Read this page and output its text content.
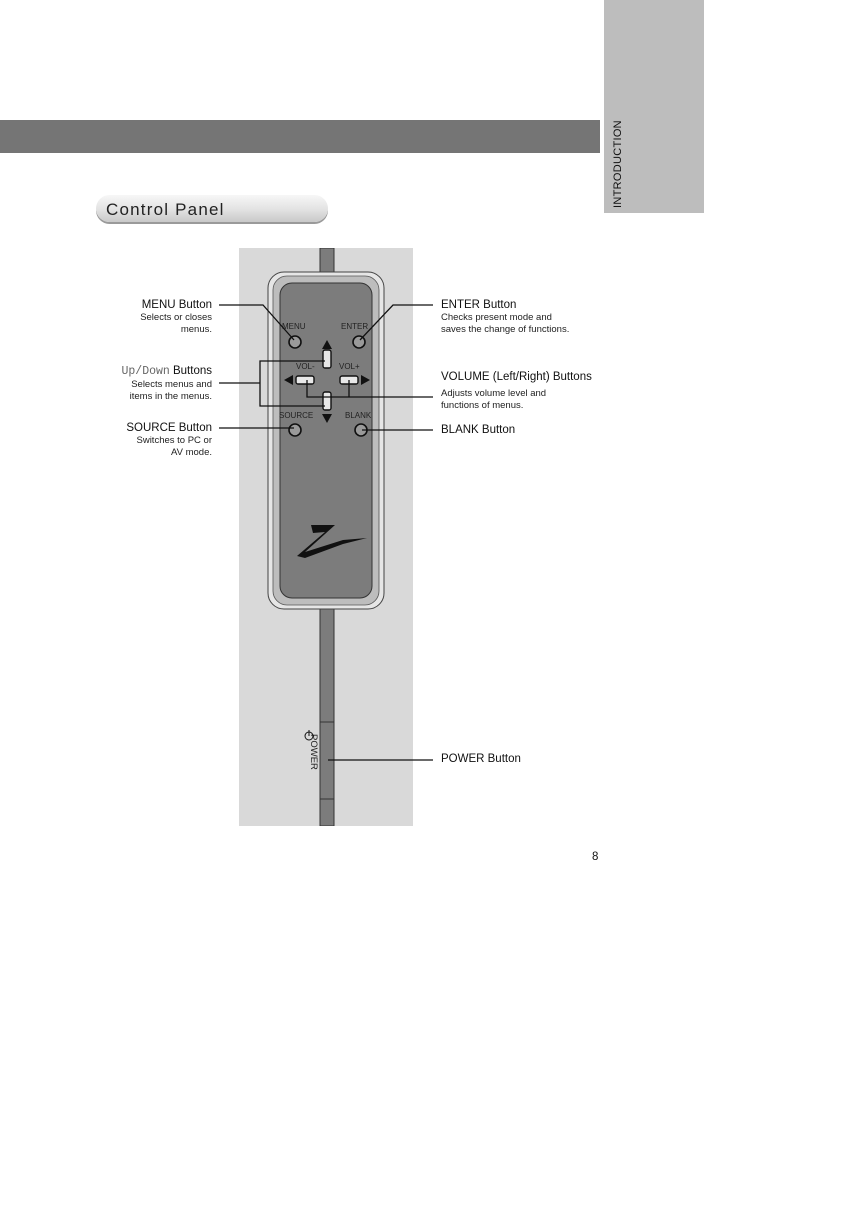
INTRODUCTION
Control Panel
MENU	ENTER
VOL-	VOL+
SOURCE	BLANK
POWER
MENU Button
Selects or closes
menus.
Up/Down Buttons
Selects menus and
items in the menus.
SOURCE Button
Switches to PC or
AV mode.
ENTER Button
Checks present mode and
saves the change of functions.
VOLUME (Left/Right) Buttons
Adjusts volume level and
functions of menus.
BLANK Button
POWER Button
8
